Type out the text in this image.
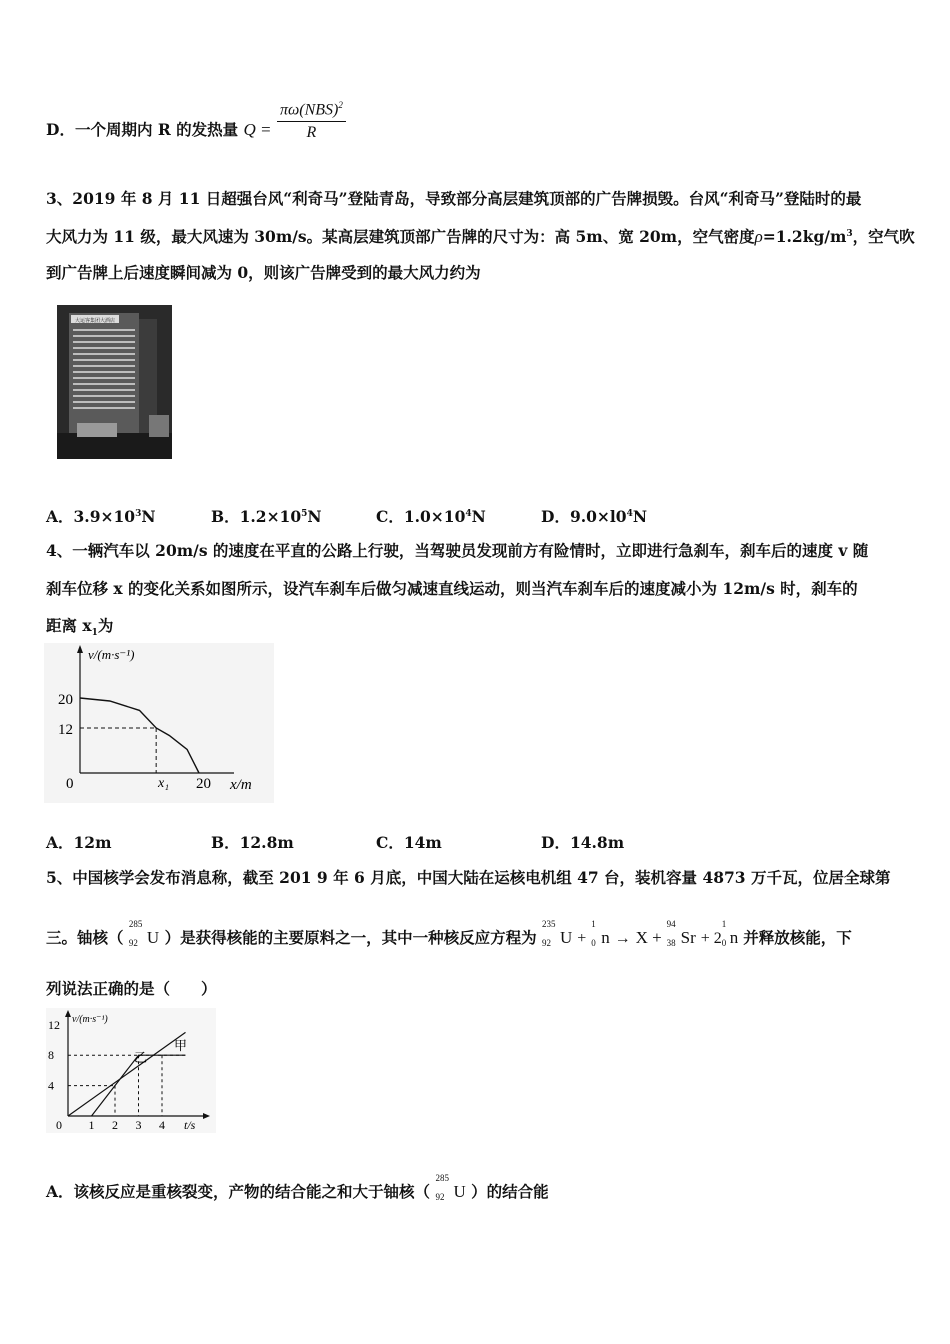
D．一个周期内 R 的发热量 $Q = \frac{\pi\omega(NBS)^2}{R}$
3、2019 年 8 月 11 日超强台风“利奇马”登陆青岛，导致部分高层建筑顶部的广告牌损毁。台风“利奇马”登陆时的最
大风力为 11 级，最大风速为 30m/s。某高层建筑顶部广告牌的尺寸为：高 5m、宽 20m，空气密度$\rho=1.2kg/m^3$，空气吹
到广告牌上后速度瞬间减为 0，则该广告牌受到的最大风力约为
大运客集团大酒店
A．$3.9\times 10^3N$	B．$1.2\times 10^5N$	C．$1.0\times 10^4N$	D．$9.0\times l0^4N$
4、一辆汽车以 20m/s 的速度在平直的公路上行驶，当驾驶员发现前方有险情时，立即进行急刹车，刹车后的速度 v 随
刹车位移 x 的变化关系如图所示，设汽车刹车后做匀减速直线运动，则当汽车刹车后的速度减小为 12m/s 时，刹车的
距离 $x_1$为
v/(m·s⁻¹)
x/m
0	x₁ 20
20
12
A．12m	B．12.8m	C．14m	D．14.8m
5、中国核学会发布消息称，截至 201 9 年 6 月底，中国大陆在运核电机组 47 台，装机容量 4873 万千瓦，位居全球第
三。铀核（
285
92 U ）是获得核能的主要原料之一，其中一种核反应方程为
235
92 U +
1
0 n → X +
94
38 Sr + 2
1
0 n 并释放核能，下
列说法正确的是（　　）
v/(m·s⁻¹)
t/s
0 1 2 3 4
12
8
4
乙
甲
A．该核反应是重核裂变，产物的结合能之和大于铀核（
285
92 U ）的结合能
